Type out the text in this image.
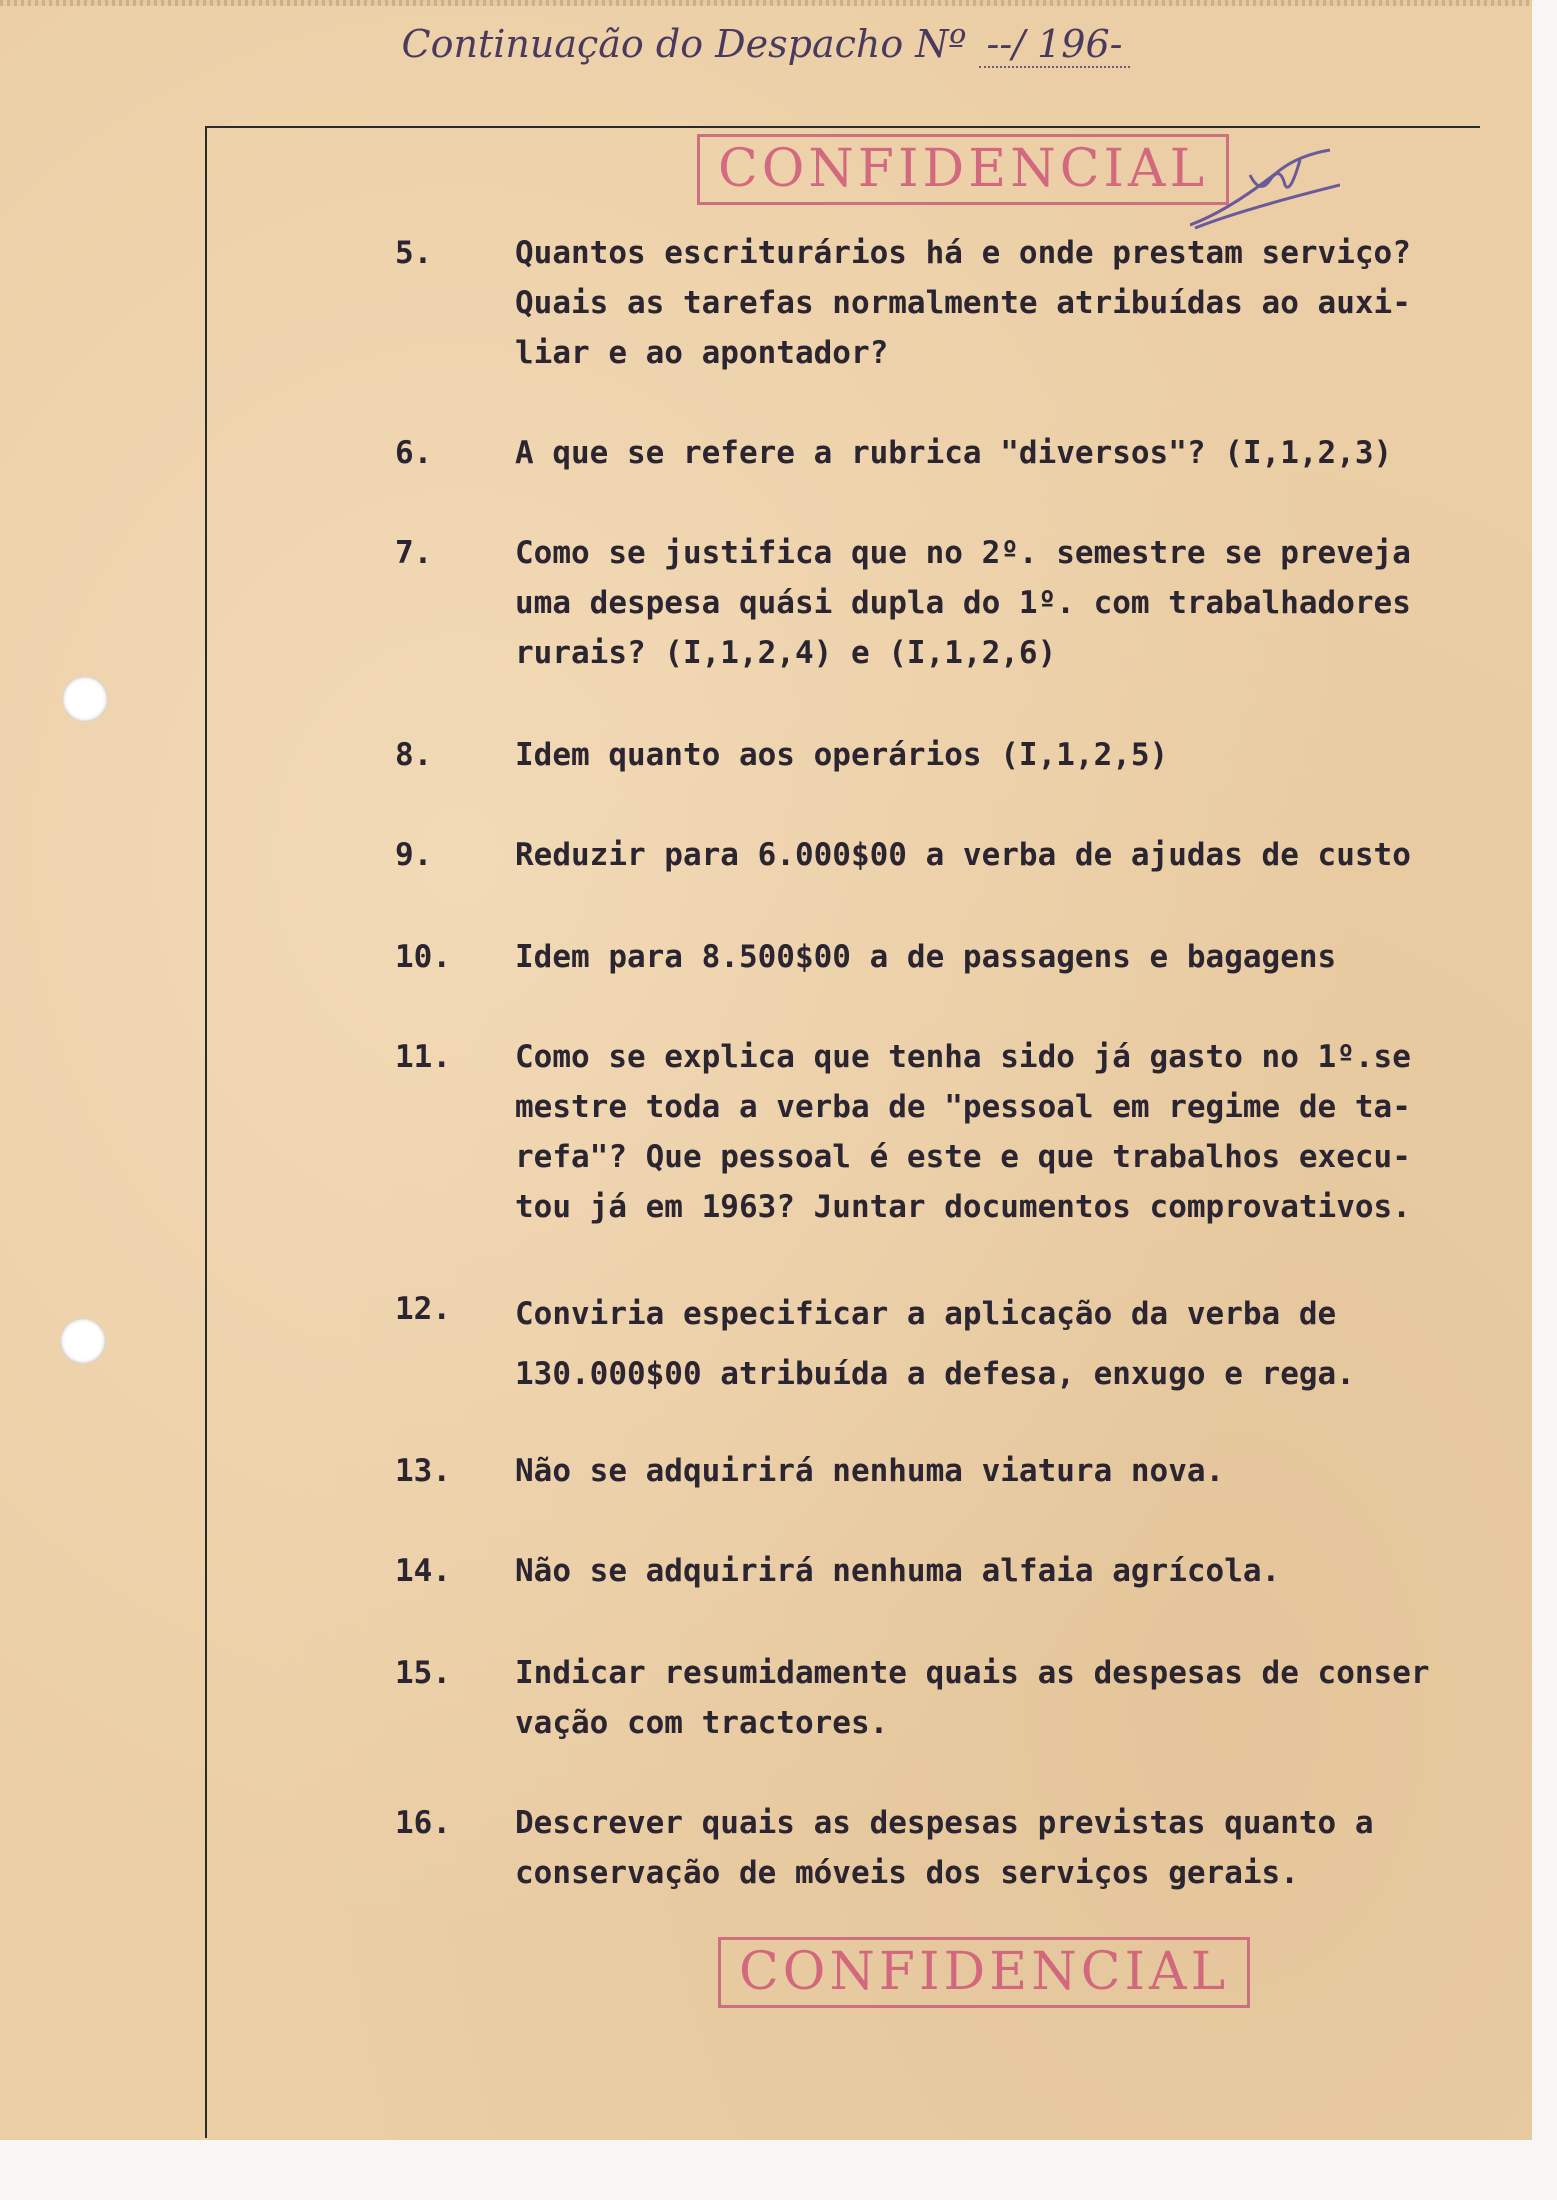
Continuação do Despacho Nº --/ 196-
CONFIDENCIAL
5.	Quantos escriturários há e onde prestam serviço?
Quais as tarefas normalmente atribuídas ao auxi-
liar e ao apontador?
6.	A que se refere a rubrica "diversos"? (I,1,2,3)
7.	Como se justifica que no 2º. semestre se preveja
uma despesa quási dupla do 1º. com trabalhadores
rurais? (I,1,2,4) e (I,1,2,6)
8.	Idem quanto aos operários (I,1,2,5)
9.	Reduzir para 6.000$00 a verba de ajudas de custo
10.	Idem para 8.500$00 a de passagens e bagagens
11.	Como se explica que tenha sido já gasto no 1º.se
mestre toda a verba de "pessoal em regime de ta-
refa"? Que pessoal é este e que trabalhos execu-
tou já em 1963? Juntar documentos comprovativos.
12.	Conviria especificar a aplicação da verba de
130.000$00 atribuída a defesa, enxugo e rega.
13.	Não se adquirirá nenhuma viatura nova.
14.	Não se adquirirá nenhuma alfaia agrícola.
15.	Indicar resumidamente quais as despesas de conser
vação com tractores.
16.	Descrever quais as despesas previstas quanto a
conservação de móveis dos serviços gerais.
CONFIDENCIAL
